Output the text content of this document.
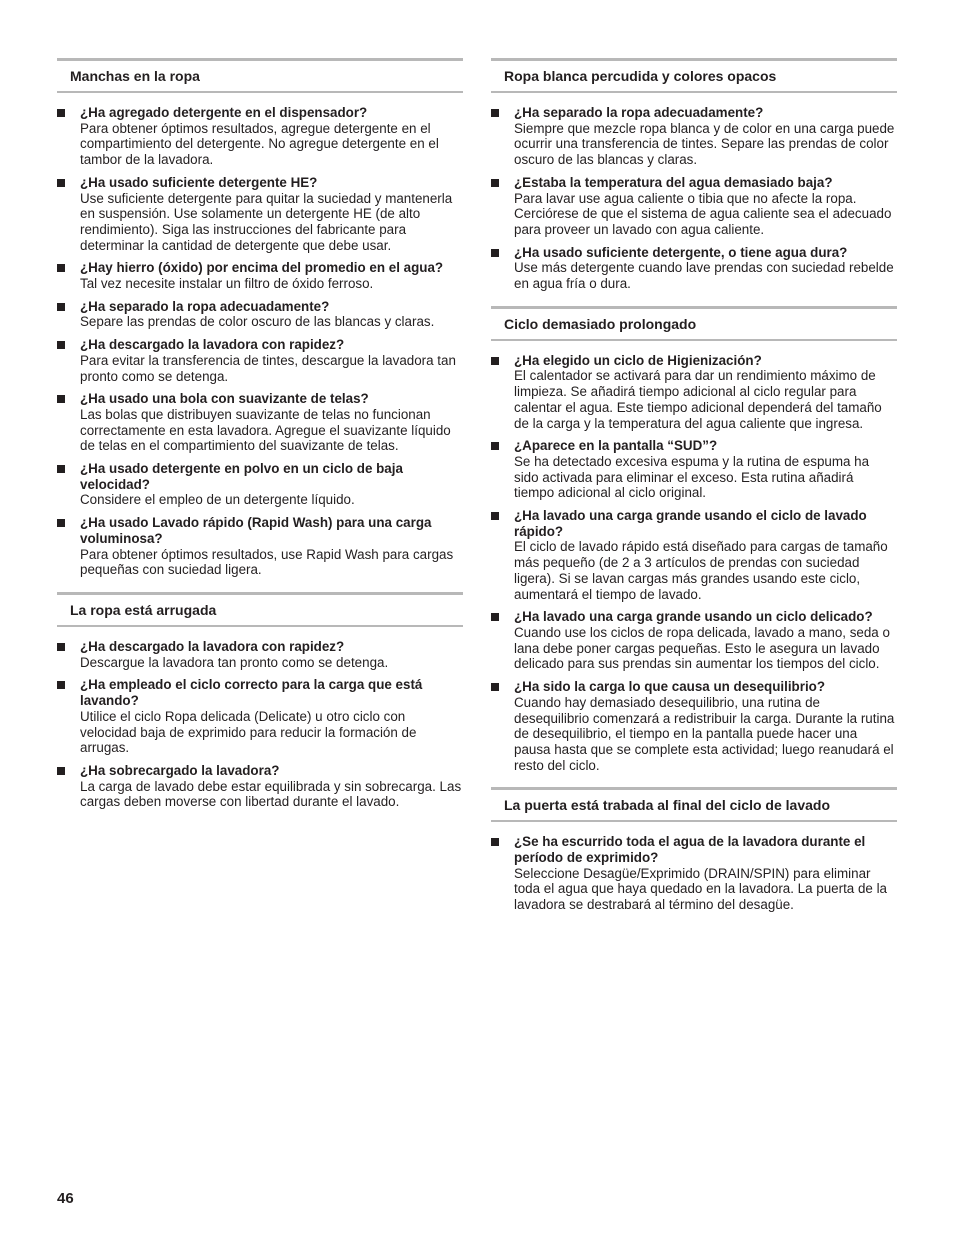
Manchas en la ropa
¿Ha agregado detergente en el dispensador?
Para obtener óptimos resultados, agregue detergente en el compartimiento del detergente. No agregue detergente en el tambor de la lavadora.
¿Ha usado suficiente detergente HE?
Use suficiente detergente para quitar la suciedad y mantenerla en suspensión. Use solamente un detergente HE (de alto rendimiento). Siga las instrucciones del fabricante para determinar la cantidad de detergente que debe usar.
¿Hay hierro (óxido) por encima del promedio en el agua?
Tal vez necesite instalar un filtro de óxido ferroso.
¿Ha separado la ropa adecuadamente?
Separe las prendas de color oscuro de las blancas y claras.
¿Ha descargado la lavadora con rapidez?
Para evitar la transferencia de tintes, descargue la lavadora tan pronto como se detenga.
¿Ha usado una bola con suavizante de telas?
Las bolas que distribuyen suavizante de telas no funcionan correctamente en esta lavadora. Agregue el suavizante líquido de telas en el compartimiento del suavizante de telas.
¿Ha usado detergente en polvo en un ciclo de baja velocidad?
Considere el empleo de un detergente líquido.
¿Ha usado Lavado rápido (Rapid Wash) para una carga voluminosa?
Para obtener óptimos resultados, use Rapid Wash para cargas pequeñas con suciedad ligera.
La ropa está arrugada
¿Ha descargado la lavadora con rapidez?
Descargue la lavadora tan pronto como se detenga.
¿Ha empleado el ciclo correcto para la carga que está lavando?
Utilice el ciclo Ropa delicada (Delicate) u otro ciclo con velocidad baja de exprimido para reducir la formación de arrugas.
¿Ha sobrecargado la lavadora?
La carga de lavado debe estar equilibrada y sin sobrecarga. Las cargas deben moverse con libertad durante el lavado.
Ropa blanca percudida y colores opacos
¿Ha separado la ropa adecuadamente?
Siempre que mezcle ropa blanca y de color en una carga puede ocurrir una transferencia de tintes. Separe las prendas de color oscuro de las blancas y claras.
¿Estaba la temperatura del agua demasiado baja?
Para lavar use agua caliente o tibia que no afecte la ropa. Cerciórese de que el sistema de agua caliente sea el adecuado para proveer un lavado con agua caliente.
¿Ha usado suficiente detergente, o tiene agua dura?
Use más detergente cuando lave prendas con suciedad rebelde en agua fría o dura.
Ciclo demasiado prolongado
¿Ha elegido un ciclo de Higienización?
El calentador se activará para dar un rendimiento máximo de limpieza. Se añadirá tiempo adicional al ciclo regular para calentar el agua. Este tiempo adicional dependerá del tamaño de la carga y la temperatura del agua caliente que ingresa.
¿Aparece en la pantalla “SUD”?
Se ha detectado excesiva espuma y la rutina de espuma ha sido activada para eliminar el exceso. Esta rutina añadirá tiempo adicional al ciclo original.
¿Ha lavado una carga grande usando el ciclo de lavado rápido?
El ciclo de lavado rápido está diseñado para cargas de tamaño más pequeño (de 2 a 3 artículos de prendas con suciedad ligera). Si se lavan cargas más grandes usando este ciclo, aumentará el tiempo de lavado.
¿Ha lavado una carga grande usando un ciclo delicado?
Cuando use los ciclos de ropa delicada, lavado a mano, seda o lana debe poner cargas pequeñas. Esto le asegura un lavado delicado para sus prendas sin aumentar los tiempos del ciclo.
¿Ha sido la carga lo que causa un desequilibrio?
Cuando hay demasiado desequilibrio, una rutina de desequilibrio comenzará a redistribuir la carga. Durante la rutina de desequilibrio, el tiempo en la pantalla puede hacer una pausa hasta que se complete esta actividad; luego reanudará el resto del ciclo.
La puerta está trabada al final del ciclo de lavado
¿Se ha escurrido toda el agua de la lavadora durante el período de exprimido?
Seleccione Desagüe/Exprimido (DRAIN/SPIN) para eliminar toda el agua que haya quedado en la lavadora. La puerta de la lavadora se destrabará al término del desagüe.
46
